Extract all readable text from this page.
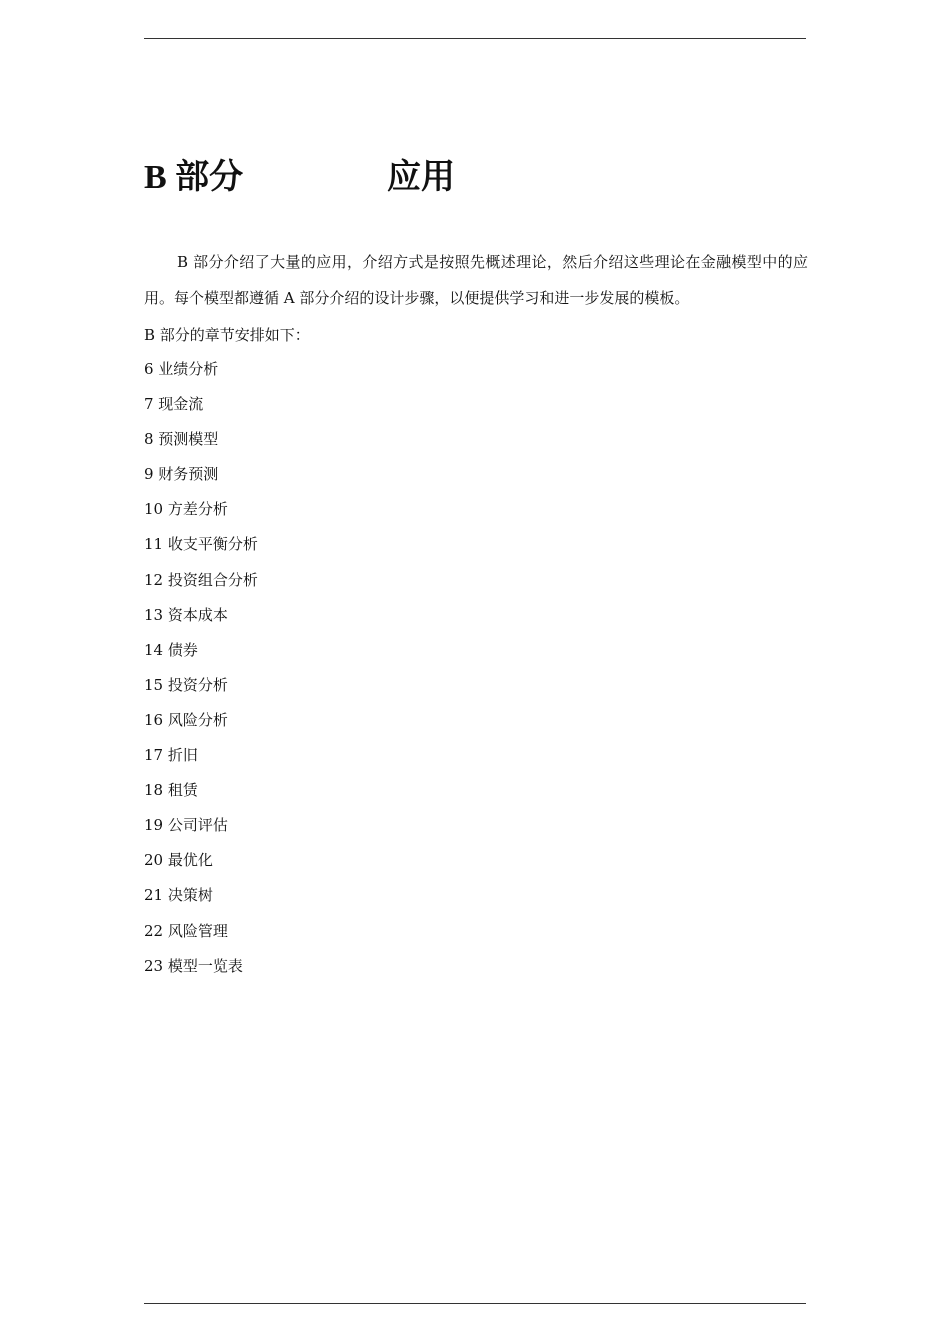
B 部分	应用

B 部分介绍了大量的应用，介绍方式是按照先概述理论，然后介绍这些理论在金融模型中的应用。每个模型都遵循 A 部分介绍的设计步骤，以便提供学习和进一步发展的模板。

B 部分的章节安排如下：
6 业绩分析
7 现金流
8 预测模型
9 财务预测
10 方差分析
11 收支平衡分析
12 投资组合分析
13 资本成本
14 债券
15 投资分析
16 风险分析
17 折旧
18 租赁
19 公司评估
20 最优化
21 决策树
22 风险管理
23 模型一览表
